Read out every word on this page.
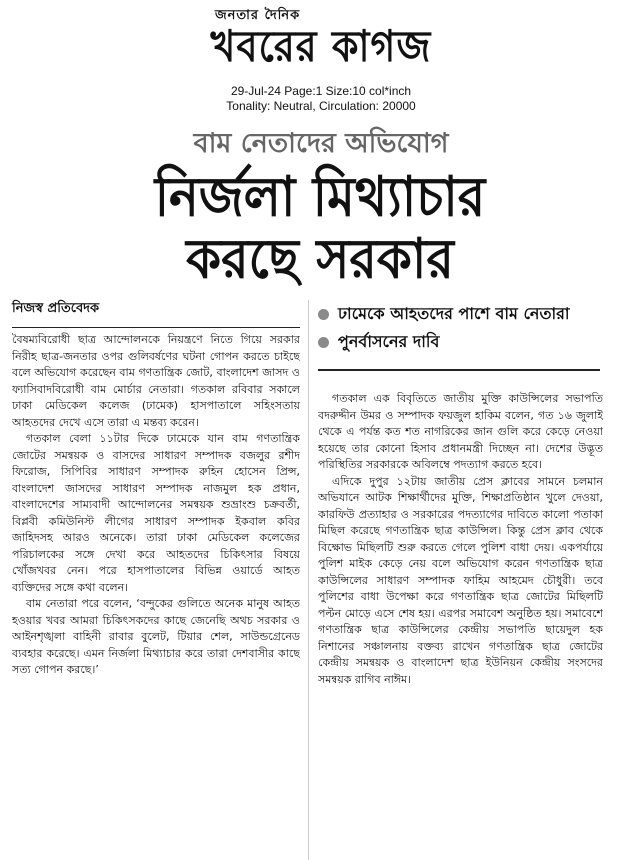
জনতার দৈনিক
খবরের কাগজ
29-Jul-24 Page:1 Size:10 col*inch
Tonality: Neutral, Circulation: 20000
বাম নেতাদের অভিযোগ
নির্জলা মিথ্যাচার
করছে সরকার
নিজস্ব প্রতিবেদক	ঢামেকে আহতদের পাশে বাম নেতারা
পুনর্বাসনের দাবি

বৈষম্যবিরোধী ছাত্র আন্দোলনকে নিয়ন্ত্রণে নিতে গিয়ে সরকার নিরীহ ছাত্র-জনতার ওপর গুলিবর্ষণের ঘটনা গোপন করতে চাইছে বলে অভিযোগ করেছেন বাম গণতান্ত্রিক জোট, বাংলাদেশ জাসদ ও ফ্যাসিবাদবিরোধী বাম মোর্চার নেতারা। গতকাল রবিবার সকালে ঢাকা মেডিকেল কলেজ (ঢামেক) হাসপাতালে সহিংসতায় আহতদের দেখে এসে তারা এ মন্তব্য করেন।

গতকাল বেলা ১১টার দিকে ঢামেকে যান বাম গণতান্ত্রিক জোটের সমন্বয়ক ও বাসদের সাধারণ সম্পাদক বজলুর রশীদ ফিরোজ, সিপিবির সাধারণ সম্পাদক রুহিন হোসেন প্রিন্স, বাংলাদেশ জাসদের সাধারণ সম্পাদক নাজমুল হক প্রধান, বাংলাদেশের সাম্যবাদী আন্দোলনের সমন্বয়ক শুভ্রাংশু চক্রবর্তী, বিপ্লবী কমিউনিস্ট লীগের সাধারণ সম্পাদক ইকবাল কবির জাহিদসহ আরও অনেকে। তারা ঢাকা মেডিকেল কলেজের পরিচালকের সঙ্গে দেখা করে আহতদের চিকিৎসার বিষয়ে খোঁজখবর নেন। পরে হাসপাতালের বিভিন্ন ওয়ার্ডে আহত ব্যক্তিদের সঙ্গে কথা বলেন।

বাম নেতারা পরে বলেন, ‘বন্দুকের গুলিতে অনেক মানুষ আহত হওয়ার খবর আমরা চিকিৎসকদের কাছে জেনেছি অথচ সরকার ও আইনশৃঙ্খলা বাহিনী রাবার বুলেট, টিয়ার শেল, সাউন্ডগ্রেনেড ব্যবহার করেছে। এমন নির্জলা মিথ্যাচার করে তারা দেশবাসীর কাছে সত্য গোপন করছে।’

গতকাল এক বিবৃতিতে জাতীয় মুক্তি কাউন্সিলের সভাপতি বদরুদ্দীন উমর ও সম্পাদক ফয়জুল হাকিম বলেন, গত ১৬ জুলাই থেকে এ পর্যন্ত কত শত নাগরিকের জান গুলি করে কেড়ে নেওয়া হয়েছে তার কোনো হিসাব প্রধানমন্ত্রী দিচ্ছেন না। দেশের উদ্ভূত পরিস্থিতির সরকারকে অবিলম্বে পদত্যাগ করতে হবে।

এদিকে দুপুর ১২টায় জাতীয় প্রেস ক্লাবের সামনে চলমান অভিযানে আটক শিক্ষার্থীদের মুক্তি, শিক্ষাপ্রতিষ্ঠান খুলে দেওয়া, কারফিউ প্রত্যাহার ও সরকারের পদত্যাগের দাবিতে কালো পতাকা মিছিল করেছে গণতান্ত্রিক ছাত্র কাউন্সিল। কিন্তু প্রেস ক্লাব থেকে বিক্ষোভ মিছিলটি শুরু করতে গেলে পুলিশ বাধা দেয়। একপর্যায়ে পুলিশ মাইক কেড়ে নেয় বলে অভিযোগ করেন গণতান্ত্রিক ছাত্র কাউন্সিলের সাধারণ সম্পাদক ফাহিম আহমেদ চৌধুরী। তবে পুলিশের বাধা উপেক্ষা করে গণতান্ত্রিক ছাত্র জোটের মিছিলটি পল্টন মোড়ে এসে শেষ হয়। এরপর সমাবেশ অনুষ্ঠিত হয়। সমাবেশে গণতান্ত্রিক ছাত্র কাউন্সিলের কেন্দ্রীয় সভাপতি ছায়েদুল হক নিশানের সঞ্চালনায় বক্তব্য রাখেন গণতান্ত্রিক ছাত্র জোটের কেন্দ্রীয় সমন্বয়ক ও বাংলাদেশ ছাত্র ইউনিয়ন কেন্দ্রীয় সংসদের সমন্বয়ক রাগিব নাঈম।
